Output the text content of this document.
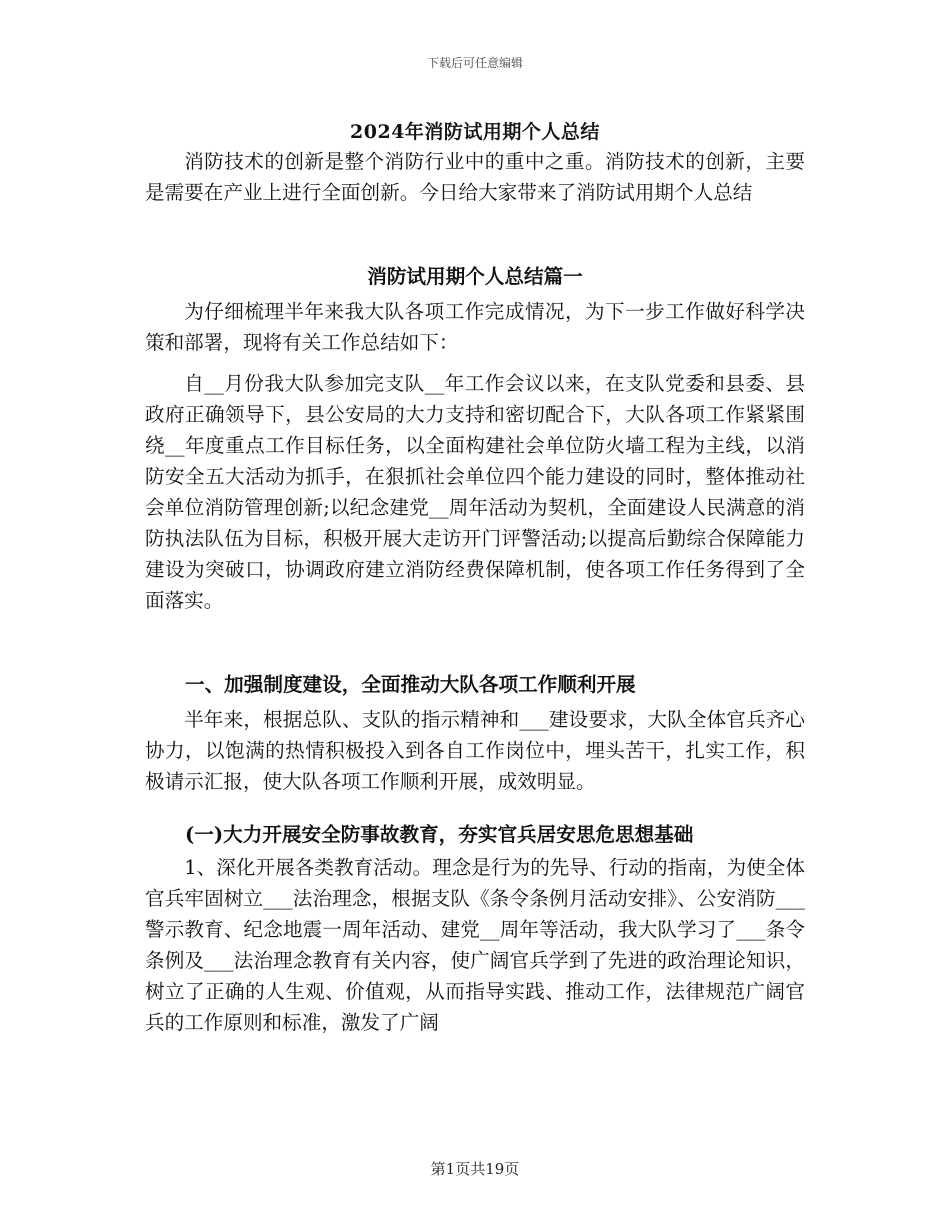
下载后可任意编辑
2024年消防试用期个人总结
消防技术的创新是整个消防行业中的重中之重。消防技术的创新，主要是需要在产业上进行全面创新。今日给大家带来了消防试用期个人总结
消防试用期个人总结篇一
为仔细梳理半年来我大队各项工作完成情况，为下一步工作做好科学决策和部署，现将有关工作总结如下：
自__月份我大队参加完支队__年工作会议以来，在支队党委和县委、县政府正确领导下，县公安局的大力支持和密切配合下，大队各项工作紧紧围绕__年度重点工作目标任务，以全面构建社会单位防火墙工程为主线，以消防安全五大活动为抓手，在狠抓社会单位四个能力建设的同时，整体推动社会单位消防管理创新;以纪念建党__周年活动为契机，全面建设人民满意的消防执法队伍为目标，积极开展大走访开门评警活动;以提高后勤综合保障能力建设为突破口，协调政府建立消防经费保障机制，使各项工作任务得到了全面落实。
一、加强制度建设，全面推动大队各项工作顺利开展
半年来，根据总队、支队的指示精神和___建设要求，大队全体官兵齐心协力，以饱满的热情积极投入到各自工作岗位中，埋头苦干，扎实工作，积极请示汇报，使大队各项工作顺利开展，成效明显。
(一)大力开展安全防事故教育，夯实官兵居安思危思想基础
1、深化开展各类教育活动。理念是行为的先导、行动的指南，为使全体官兵牢固树立___法治理念，根据支队《条令条例月活动安排》、公安消防___警示教育、纪念地震一周年活动、建党__周年等活动，我大队学习了___条令条例及___法治理念教育有关内容，使广阔官兵学到了先进的政治理论知识，树立了正确的人生观、价值观，从而指导实践、推动工作，法律规范广阔官兵的工作原则和标准，激发了广阔
第1页共19页
